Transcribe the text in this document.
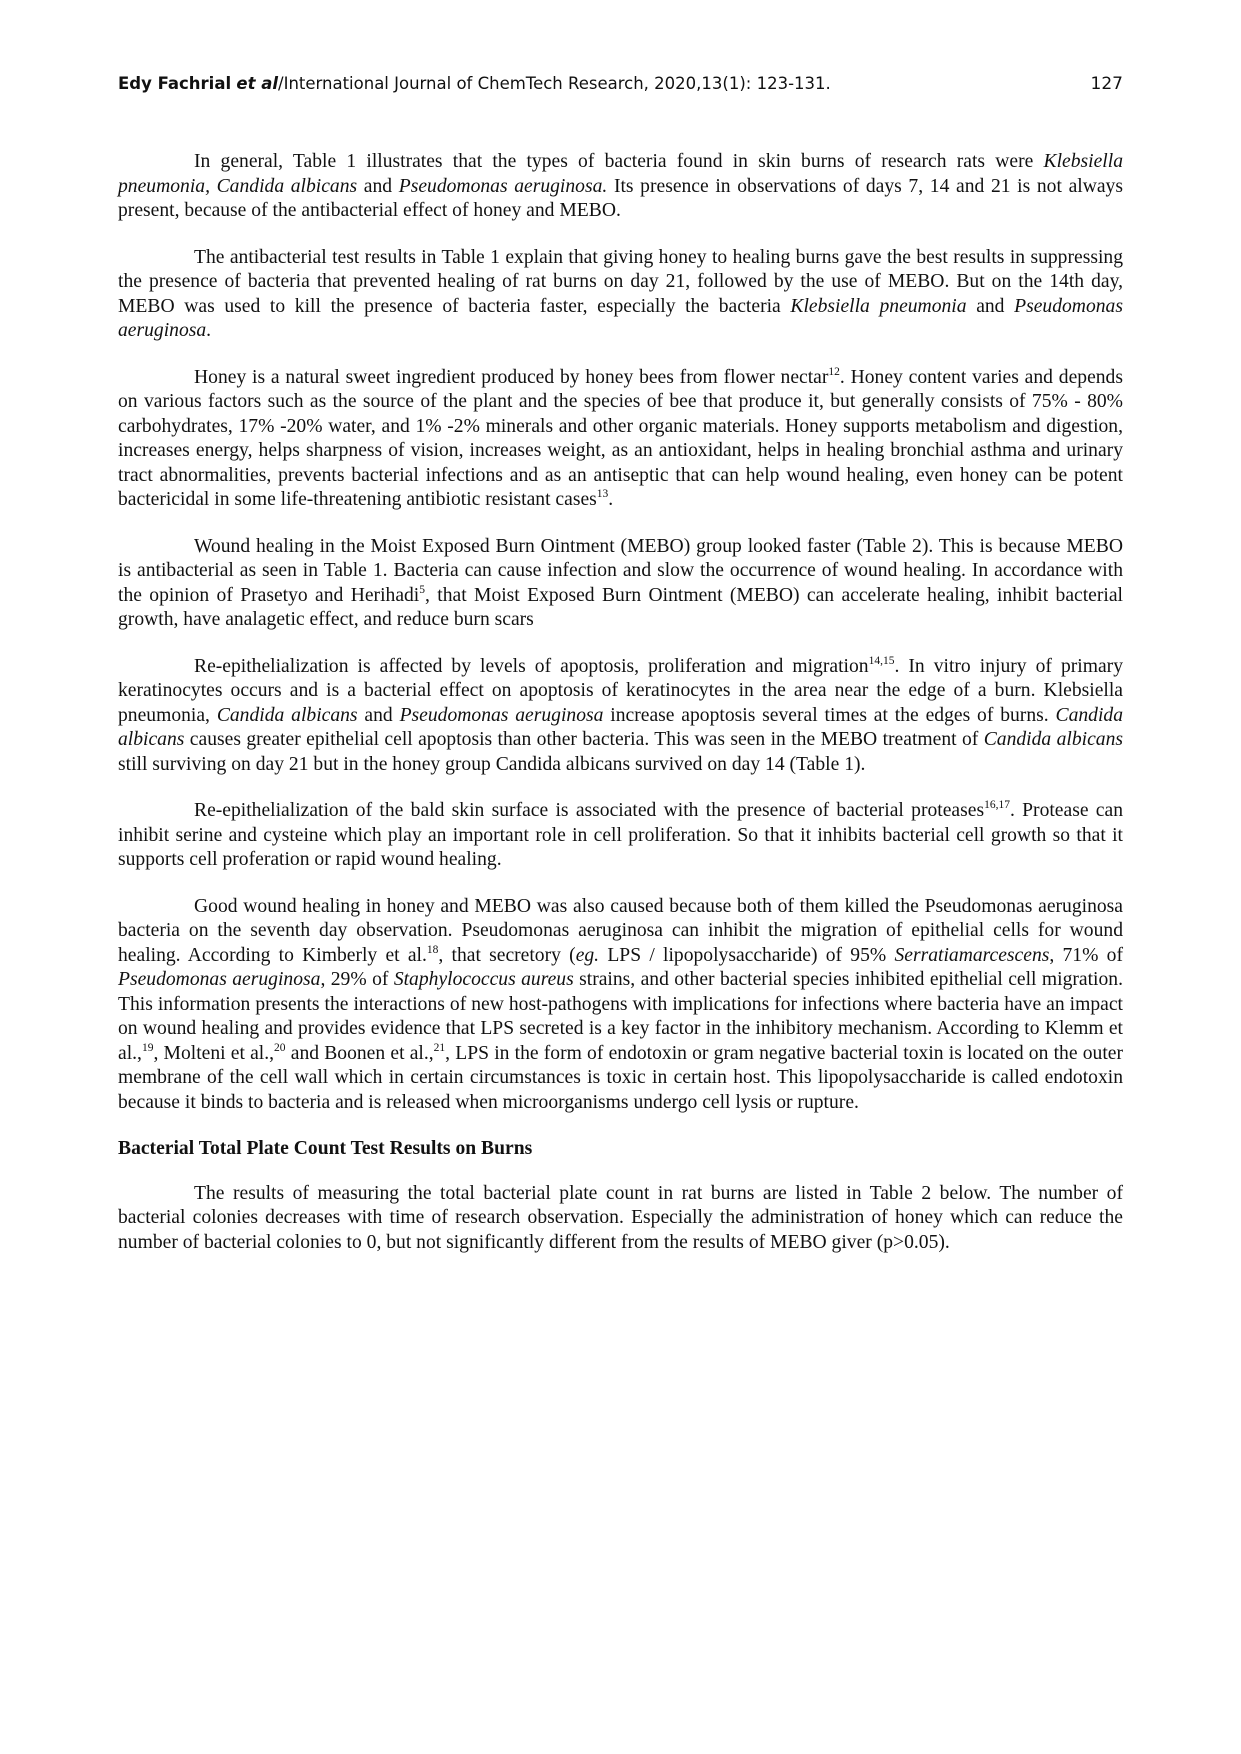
Edy Fachrial et al/International Journal of ChemTech Research, 2020,13(1): 123-131.	127

In general, Table 1 illustrates that the types of bacteria found in skin burns of research rats were Klebsiella pneumonia, Candida albicans and Pseudomonas aeruginosa. Its presence in observations of days 7, 14 and 21 is not always present, because of the antibacterial effect of honey and MEBO.

The antibacterial test results in Table 1 explain that giving honey to healing burns gave the best results in suppressing the presence of bacteria that prevented healing of rat burns on day 21, followed by the use of MEBO. But on the 14th day, MEBO was used to kill the presence of bacteria faster, especially the bacteria Klebsiella pneumonia and Pseudomonas aeruginosa.

Honey is a natural sweet ingredient produced by honey bees from flower nectar$^{12}$. Honey content varies and depends on various factors such as the source of the plant and the species of bee that produce it, but generally consists of 75% - 80% carbohydrates, 17% -20% water, and 1% -2% minerals and other organic materials. Honey supports metabolism and digestion, increases energy, helps sharpness of vision, increases weight, as an antioxidant, helps in healing bronchial asthma and urinary tract abnormalities, prevents bacterial infections and as an antiseptic that can help wound healing, even honey can be potent bactericidal in some life-threatening antibiotic resistant cases$^{13}$.

Wound healing in the Moist Exposed Burn Ointment (MEBO) group looked faster (Table 2). This is because MEBO is antibacterial as seen in Table 1. Bacteria can cause infection and slow the occurrence of wound healing. In accordance with the opinion of Prasetyo and Herihadi$^5$, that Moist Exposed Burn Ointment (MEBO) can accelerate healing, inhibit bacterial growth, have analagetic effect, and reduce burn scars

Re-epithelialization is affected by levels of apoptosis, proliferation and migration$^{14,15}$. In vitro injury of primary keratinocytes occurs and is a bacterial effect on apoptosis of keratinocytes in the area near the edge of a burn. Klebsiella pneumonia, Candida albicans and Pseudomonas aeruginosa increase apoptosis several times at the edges of burns. Candida albicans causes greater epithelial cell apoptosis than other bacteria. This was seen in the MEBO treatment of Candida albicans still surviving on day 21 but in the honey group Candida albicans survived on day 14 (Table 1).

Re-epithelialization of the bald skin surface is associated with the presence of bacterial proteases$^{16,17}$. Protease can inhibit serine and cysteine which play an important role in cell proliferation. So that it inhibits bacterial cell growth so that it supports cell proferation or rapid wound healing.

Good wound healing in honey and MEBO was also caused because both of them killed the Pseudomonas aeruginosa bacteria on the seventh day observation. Pseudomonas aeruginosa can inhibit the migration of epithelial cells for wound healing. According to Kimberly et al.$^{18}$, that secretory (eg. LPS / lipopolysaccharide) of 95% Serratiamarcescens, 71% of Pseudomonas aeruginosa, 29% of Staphylococcus aureus strains, and other bacterial species inhibited epithelial cell migration. This information presents the interactions of new host-pathogens with implications for infections where bacteria have an impact on wound healing and provides evidence that LPS secreted is a key factor in the inhibitory mechanism. According to Klemm et al.,$^{19}$, Molteni et al.,$^{20}$ and Boonen et al.,$^{21}$, LPS in the form of endotoxin or gram negative bacterial toxin is located on the outer membrane of the cell wall which in certain circumstances is toxic in certain host. This lipopolysaccharide is called endotoxin because it binds to bacteria and is released when microorganisms undergo cell lysis or rupture.

Bacterial Total Plate Count Test Results on Burns

The results of measuring the total bacterial plate count in rat burns are listed in Table 2 below. The number of bacterial colonies decreases with time of research observation. Especially the administration of honey which can reduce the number of bacterial colonies to 0, but not significantly different from the results of MEBO giver (p>0.05).
